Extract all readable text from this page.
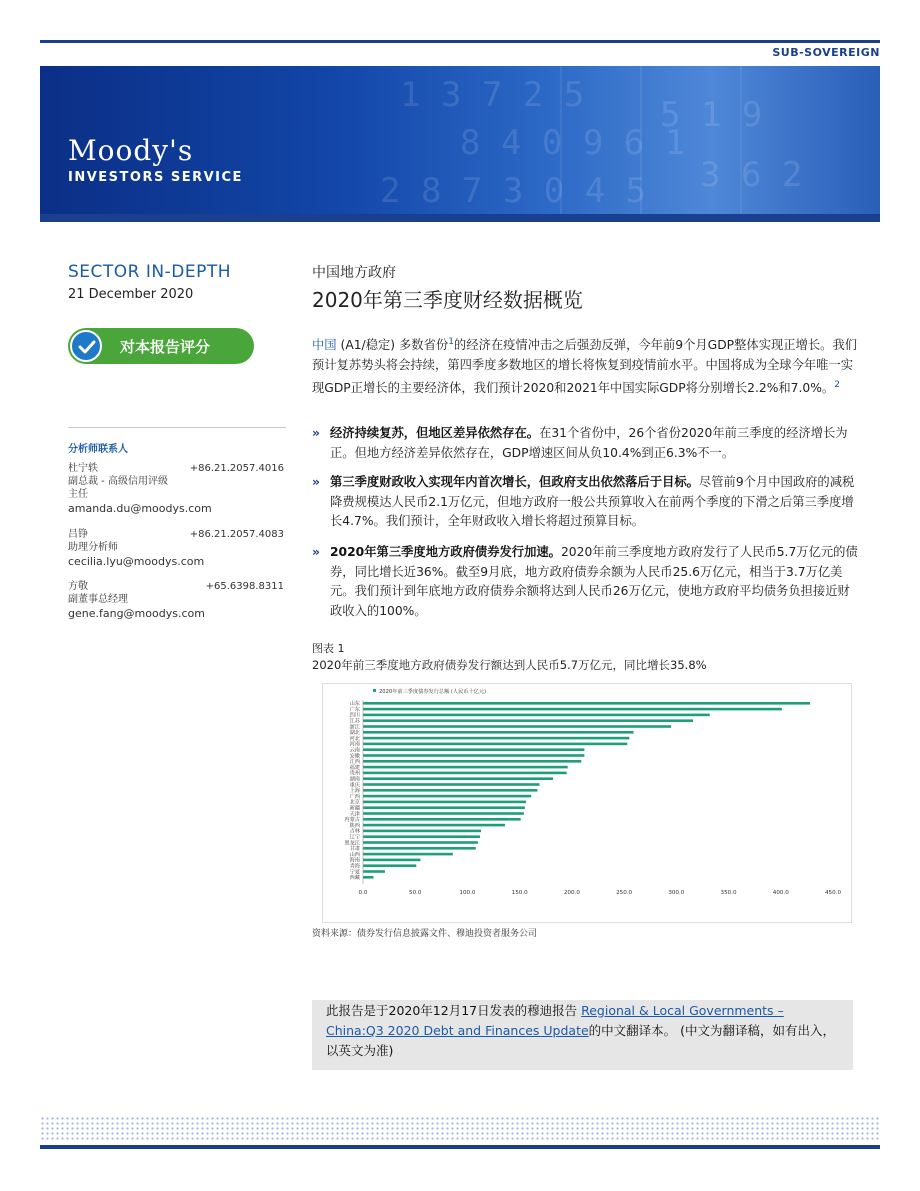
SUB-SOVEREIGN
1 3 7 2 5
8 4 0 9 6 1
2 8 7 3 0 4 5
5 1 9
3 6 2
Moody's
INVESTORS SERVICE
SECTOR IN-DEPTH
21 December 2020
对本报告评分
分析师联系人
杜宁轶	+86.21.2057.4016
副总裁 - 高级信用评级
主任
amanda.du@moodys.com
吕铮	+86.21.2057.4083
助理分析师
cecilia.lyu@moodys.com
方敬	+65.6398.8311
副董事总经理
gene.fang@moodys.com
中国地方政府
2020年第三季度财经数据概览
中国 (A1/稳定) 多数省份$^1$的经济在疫情冲击之后强劲反弹，今年前9个月GDP整体实现正增长。我们预计复苏势头将会持续，第四季度多数地区的增长将恢复到疫情前水平。中国将成为全球今年唯一实现GDP正增长的主要经济体，我们预计2020和2021年中国实际GDP将分别增长2.2%和7.0%。$^2$
» 经济持续复苏，但地区差异依然存在。在31个省份中，26个省份2020年前三季度的经济增长为正。但地方经济差异依然存在，GDP增速区间从负10.4%到正6.3%不一。
» 第三季度财政收入实现年内首次增长，但政府支出依然落后于目标。尽管前9个月中国政府的减税降费规模达人民币2.1万亿元，但地方政府一般公共预算收入在前两个季度的下滑之后第三季度增长4.7%。我们预计，全年财政收入增长将超过预算目标。
» 2020年第三季度地方政府债券发行加速。2020年前三季度地方政府发行了人民币5.7万亿元的债券，同比增长近36%。截至9月底，地方政府债券余额为人民币25.6万亿元，相当于3.7万亿美元。我们预计到年底地方政府债券余额将达到人民币26万亿元，使地方政府平均债务负担接近财政收入的100%。
图表 1
2020年前三季度地方政府债券发行额达到人民币5.7万亿元，同比增长35.8%
2020年前三季度债券发行总额 (人民币十亿元)
山东
广东
四川
江苏
浙江
湖北
河北
河南
云南
安徽
江西
福建
贵州
湖南
重庆
上海
广西
北京
新疆
天津
内蒙古
陕西
吉林
辽宁
黑龙江
甘肃
山西
海南
青海
宁夏
西藏
0.0	50.0	100.0	150.0	200.0	250.0	300.0	350.0	400.0	450.0
资料来源：债券发行信息披露文件、穆迪投资者服务公司
此报告是于2020年12月17日发表的穆迪报告 Regional & Local Governments – China:Q3 2020 Debt and Finances Update的中文翻译本。 (中文为翻译稿，如有出入，以英文为准)
